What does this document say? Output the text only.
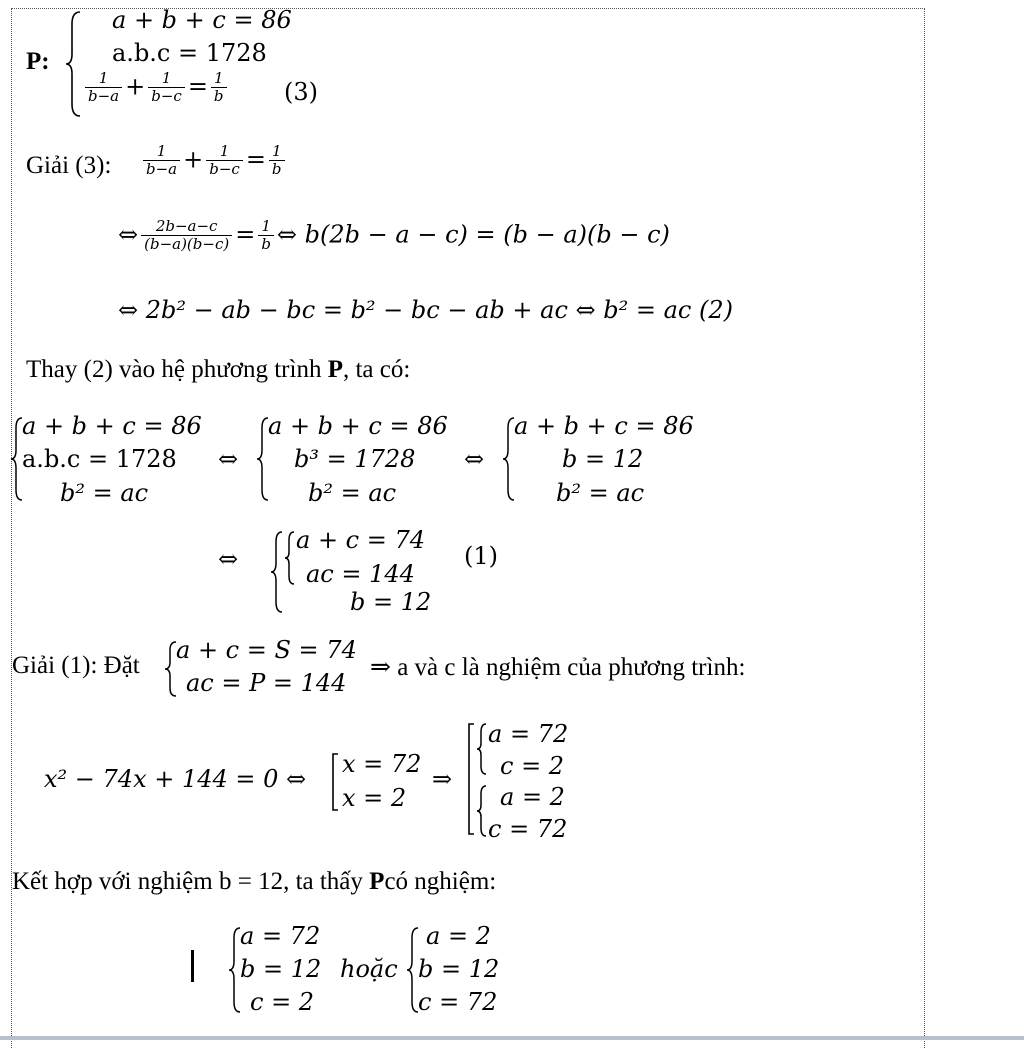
P:
a + b + c = 86
a.b.c = 1728
$\frac{1}{b-a} + \frac{1}{b-c} = \frac{1}{b} (3)$
Giải (3): $\frac{1}{b-a} + \frac{1}{b-c} = \frac{1}{b}$
⇔ $\frac{2b-a-c}{(b-a)(b-c)} = \frac{1}{b}$ ⇔ b(2b − a − c) = (b − a)(b − c)
⇔ 2b² − ab − bc = b² − bc − ab + ac ⇔ b² = ac (2)
Thay (2) vào hệ phương trình P, ta có:
a + b + c = 86
a.b.c = 1728
b² = ac
⇔
a + b + c = 86
b³ = 1728
b² = ac
⇔
a + b + c = 86
b = 12
b² = ac
⇔
a + c = 74
ac = 144
b = 12
(1)
Giải (1): Đặt
a + c = S = 74
ac = P = 144
⇒ a và c là nghiệm của phương trình:
x² − 74x + 144 = 0 ⇔
x = 72
x = 2
⇒
a = 72
c = 2
a = 2
c = 72
Kết hợp với nghiệm b = 12, ta thấy Pcó nghiệm:
a = 72
b = 12
c = 2
hoặc
a = 2
b = 12
c = 72
